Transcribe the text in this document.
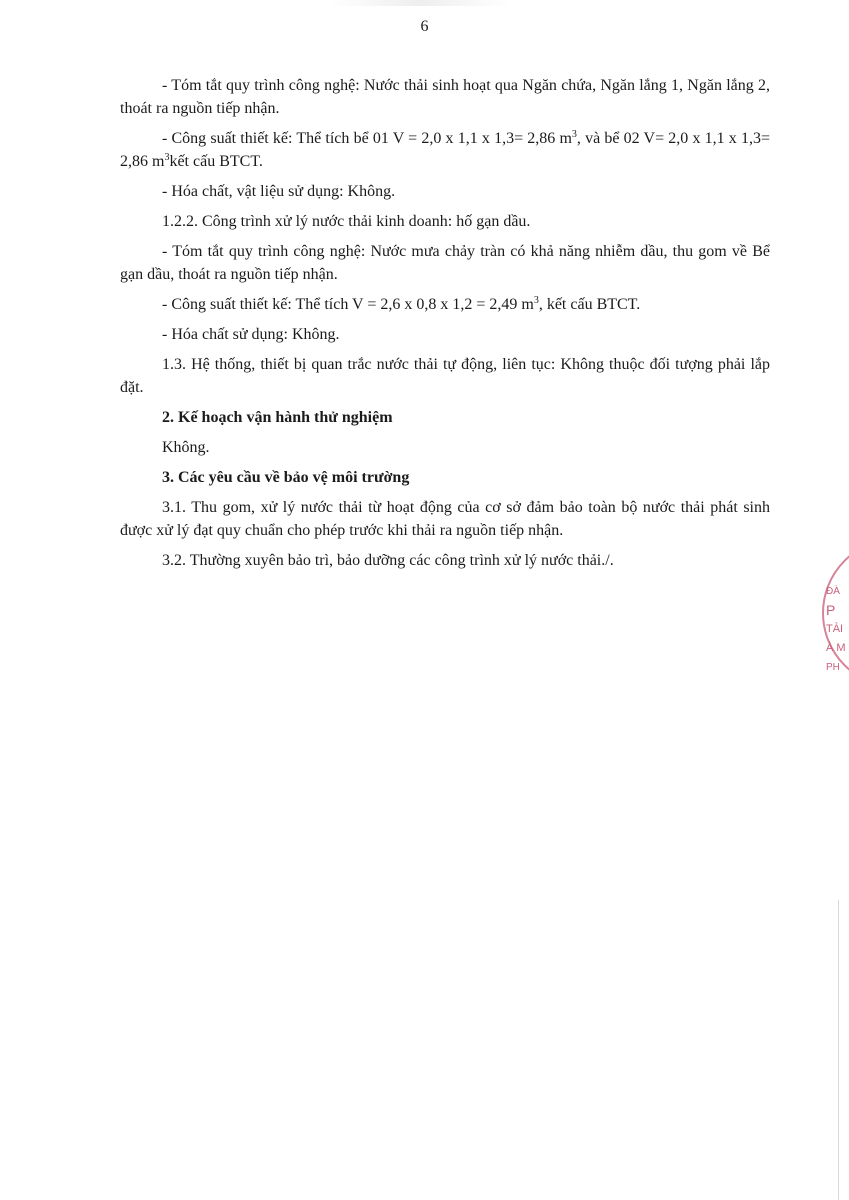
6

- Tóm tắt quy trình công nghệ: Nước thải sinh hoạt qua Ngăn chứa, Ngăn lắng 1, Ngăn lắng 2, thoát ra nguồn tiếp nhận.

- Công suất thiết kế: Thể tích bể 01 V = 2,0 x 1,1 x 1,3= 2,86 $m^3$, và bể 02 V= 2,0 x 1,1 x 1,3= 2,86 $m^3kết$ cấu BTCT.

- Hóa chất, vật liệu sử dụng: Không.

1.2.2. Công trình xử lý nước thải kinh doanh: hố gạn dầu.

- Tóm tắt quy trình công nghệ: Nước mưa chảy tràn có khả năng nhiễm dầu, thu gom về Bể gạn dầu, thoát ra nguồn tiếp nhận.

- Công suất thiết kế: Thể tích V = 2,6 x 0,8 x 1,2 = 2,49 $m^3$, kết cấu BTCT.

- Hóa chất sử dụng: Không.

1.3. Hệ thống, thiết bị quan trắc nước thải tự động, liên tục: Không thuộc đối tượng phải lắp đặt.

2. Kế hoạch vận hành thử nghiệm

Không.

3. Các yêu cầu về bảo vệ môi trường

3.1. Thu gom, xử lý nước thải từ hoạt động của cơ sở đảm bảo toàn bộ nước thải phát sinh được xử lý đạt quy chuẩn cho phép trước khi thải ra nguồn tiếp nhận.

3.2. Thường xuyên bảo trì, bảo dưỡng các công trình xử lý nước thải./.

ĐÀ
P
TÀI
À M
PH
